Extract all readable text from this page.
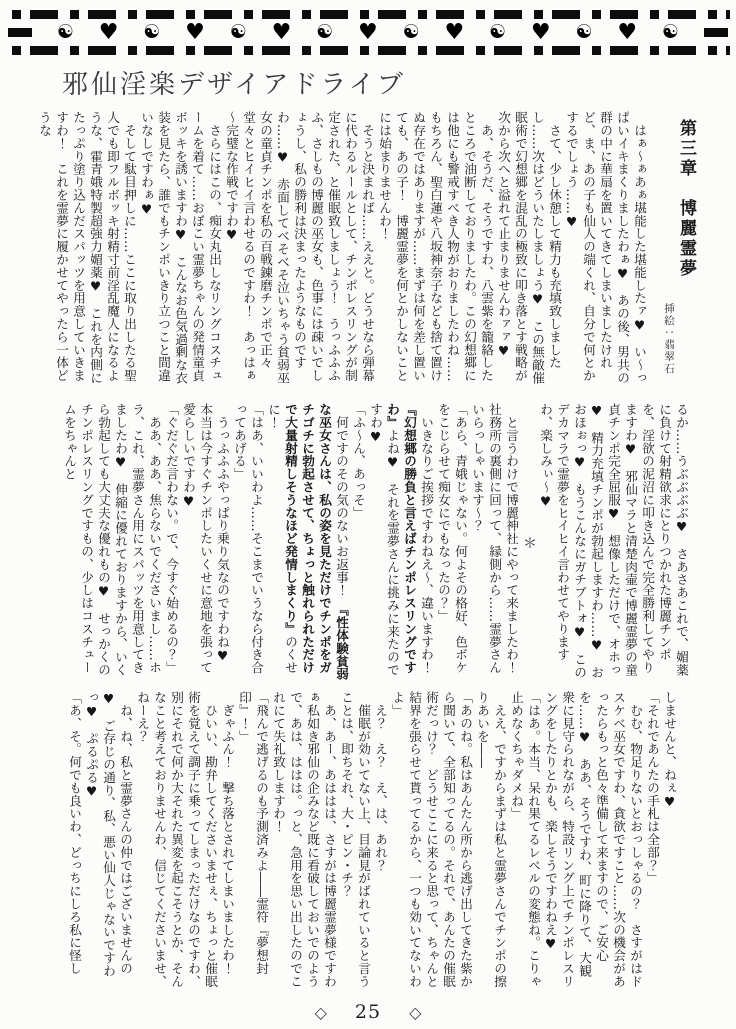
☯ ♥ ☯ ♥ ☯ ♥ ☯ ♥ ☯ ♥ ☯ ♥ ☯ ♥ ☯
邪仙淫楽デザイアドライブ
第三章　博麗霊夢
挿絵：翡翠石

　はぁ～ぁあぁ堪能した堪能したァ♥　い～っぱいイキまくりましたわぁ♥　あの後、男共の群の中に華扇を置いてきてしまいましたけれど、ま、あの子も仙人の端くれ、自分で何とかするでしょう……♥

　さて、少し休憩して精力も充填致しましたし……次はどういたしましょう♥　この無敵催眠術で幻想郷を混乱の極致に叩き落とす戦略が次から次へと溢れて止まりませんわァァ♥

　あ、そうだ、そうですわ、八雲紫を籠絡したところで油断しておりましたわ。この幻想郷には他にも警戒すべき人物がおりましたわね……もちろん、聖白蓮や八坂神奈子なども捨て置けぬ存在ではありますが……まずは何を差し置いても、あの子！　博麗霊夢を何とかしないことには始まりませんわ！

　そうと決まれば……ええと。どうせなら弾幕に代わるルールとして、チンポレスリングが制定された、と催眠致しましょう！　うっふふふふ、さしもの博麗の巫女も、色事には疎いでしょうし、私の勝利は決まったようなものですわ……♥　赤面してべそべそ泣いちゃう貧弱巫女の童貞チンポを私の百戦錬磨チンポで正々堂々とヒイヒイ言わせるのですわ！　あっはぁ～完璧な作戦ですわ♥

　さらにはこの、痴女丸出しなリングコスチュームを着て……おぼこい霊夢ちゃんの発情童貞ボッキを誘いますわ♥　こんなお色気過剰な衣装を見たら、誰でもチンポいきり立つこと間違いなしですわぁ♥

　そして駄目押しに……ここに取り出したる聖人でも即フルボッキ射精寸前淫乱魔人になるような、霍青娥特製超強力媚薬♥　これを内側にたっぷり塗り込んだスパッツを用意していきますわ！　これを霊夢に履かせてやったら一体どうな

るか……うぶぶぶぶ♥　さあさあこれで、媚薬に負けて射精欲求にとりつかれた博麗チンポを、淫欲の泥沼に叩き込んで完全勝利してやりますわ♥　邪仙マラと清楚肉壷で博麗霊夢の童貞チンポ完全屈服♥　想像しただけで、オホっ♥　精力充填チンポが勃起しますわ……♥　おおほぉっ♥　もうこんなにガチブトォ♥　このデカマラで霊夢をヒイヒイ言わせてやりますわ、楽しみぃ～♥

＊

　と言うわけで博麗神社にやって来ましたわ！　社務所の裏側に回って、縁側から……霊夢さんいらっしゃいます～？

「あら、青娥じゃない。何よその格好、色ボケをこじらせて痴女にでもなったの？」

　いきなりご挨拶ですわねえ～、違いますわ！

『幻想郷の勝負と言えばチンポレスリングですわ』よね♥　それを霊夢さんに挑みに来たのですわ♥

「ふ～ん、あっそ」

　何ですのその気のないお返事！　『性体験貧弱な巫女さんは、私の姿を見ただけでチンポをガチゴチに勃起させて、ちょっと触れられただけで大量射精しそうなほど発情しまくり』のくせに！

「はあ、いいわよ……そこまでいうなら付き合ってあげる」

　うっふふふやっぱり乗り気なのですわね♥　本当は今すぐチンポしたいくせに意地を張って愛らしいですわ♥

「ぐだぐだ言わない。で、今すぐ始めるの？」

　ああ、ああ、焦らないでくださいまし……ホラ、これ、霊夢さん用にスパッツを用意してきましたわ♥　伸縮に優れておりますから、いくら勃起しても大丈夫な優れもの♥　せっかくのチンポレスリングですもの、少しはコスチュームをちゃんと

しませんと、ねぇ♥

「それであんたの手札は全部？」

　むむ、物足りないとおっしゃるの？　さすがはドスケベ巫女ですわ、貪欲ですこと……次の機会があったらもっと色々準備して来ますので、ご安心を……♥　ああ、そうですわ、町に降りて、大観衆に見守られながら、特設リング上でチンポレスリングをしたりとかも、楽しそうですわねえ♥

「はあ。本当、呆れ果てるレベルの変態ね。こりゃ止めなくちゃダメね」

　ええ、ですからまずは私と霊夢さんでチンポの擦りあいを――

「あのね。私はあんたん所から逃げ出してきた紫から聞いて、全部知ってるの。それで、あんたの催眠術だっけ？　どうせここに来ると思って、ちゃんと結界を張らせて貰ってるから、一つも効いてないわよ」

　え？　え？　え、は、あれ？

　催眠が効いてない上、目論見がばれていると言うことは、即ちそれ、大・ピン・チ？

　あ、あー、あははは、さすがは博麗霊夢様ですわぁ私如き邪仙の企みなど既に看破しておいでのようで、あは、ははは。っと、急用を思い出したのでこれにて失礼致しますわ！

「飛んで逃げるのも予測済みよ――霊符『夢想封印』！」

　ぎゃふん！　撃ち落とされてしまいましたわ！

　ひいい、勘弁してくださいませぇ、ちょっと催眠術を覚えて調子に乗ってしまっただけなのですわ、別にそれで何か大それた異変を起こそうとか、そんなこと考えておりませんわ、信じてくださいませ、ねーえ？

　ね、ね、私と霊夢さんの仲ではございませんの♥　ご存じの通り、私、悪い仙人じゃないですわっ♥　ぷるぷる♥

「あ、そ。何でも良いわ、どっちにしろ私に怪し

◇ 25 ◇
